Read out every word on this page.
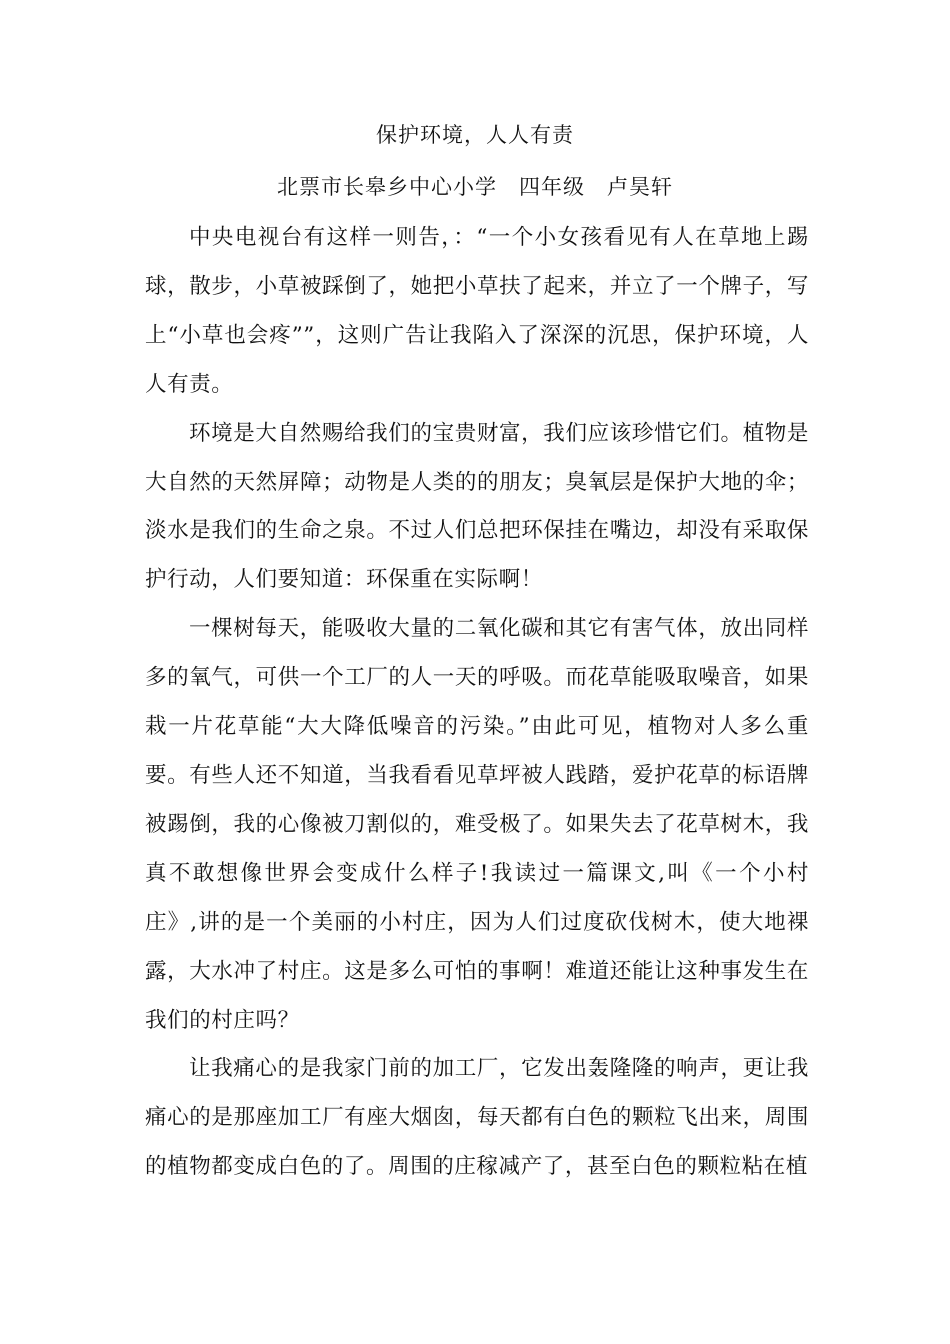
保护环境，人人有责

北票市长皋乡中心小学　四年级　卢昊轩

中央电视台有这样一则告，：“一个小女孩看见有人在草地上踢球，散步，小草被踩倒了，她把小草扶了起来，并立了一个牌子，写上“小草也会疼””，这则广告让我陷入了深深的沉思，保护环境，人人有责。

环境是大自然赐给我们的宝贵财富，我们应该珍惜它们。植物是大自然的天然屏障；动物是人类的的朋友；臭氧层是保护大地的伞；淡水是我们的生命之泉。不过人们总把环保挂在嘴边，却没有采取保护行动，人们要知道：环保重在实际啊！

一棵树每天，能吸收大量的二氧化碳和其它有害气体，放出同样多的氧气，可供一个工厂的人一天的呼吸。而花草能吸取噪音，如果栽一片花草能“大大降低噪音的污染。”由此可见，植物对人多么重要。有些人还不知道，当我看看见草坪被人践踏，爱护花草的标语牌被踢倒，我的心像被刀割似的，难受极了。如果失去了花草树木，我真不敢想像世界会变成什么样子!我读过一篇课文,叫《一个小村庄》,讲的是一个美丽的小村庄，因为人们过度砍伐树木，使大地裸露，大水冲了村庄。这是多么可怕的事啊！难道还能让这种事发生在我们的村庄吗？

让我痛心的是我家门前的加工厂，它发出轰隆隆的响声，更让我痛心的是那座加工厂有座大烟囱，每天都有白色的颗粒飞出来，周围的植物都变成白色的了。周围的庄稼减产了，甚至白色的颗粒粘在植
